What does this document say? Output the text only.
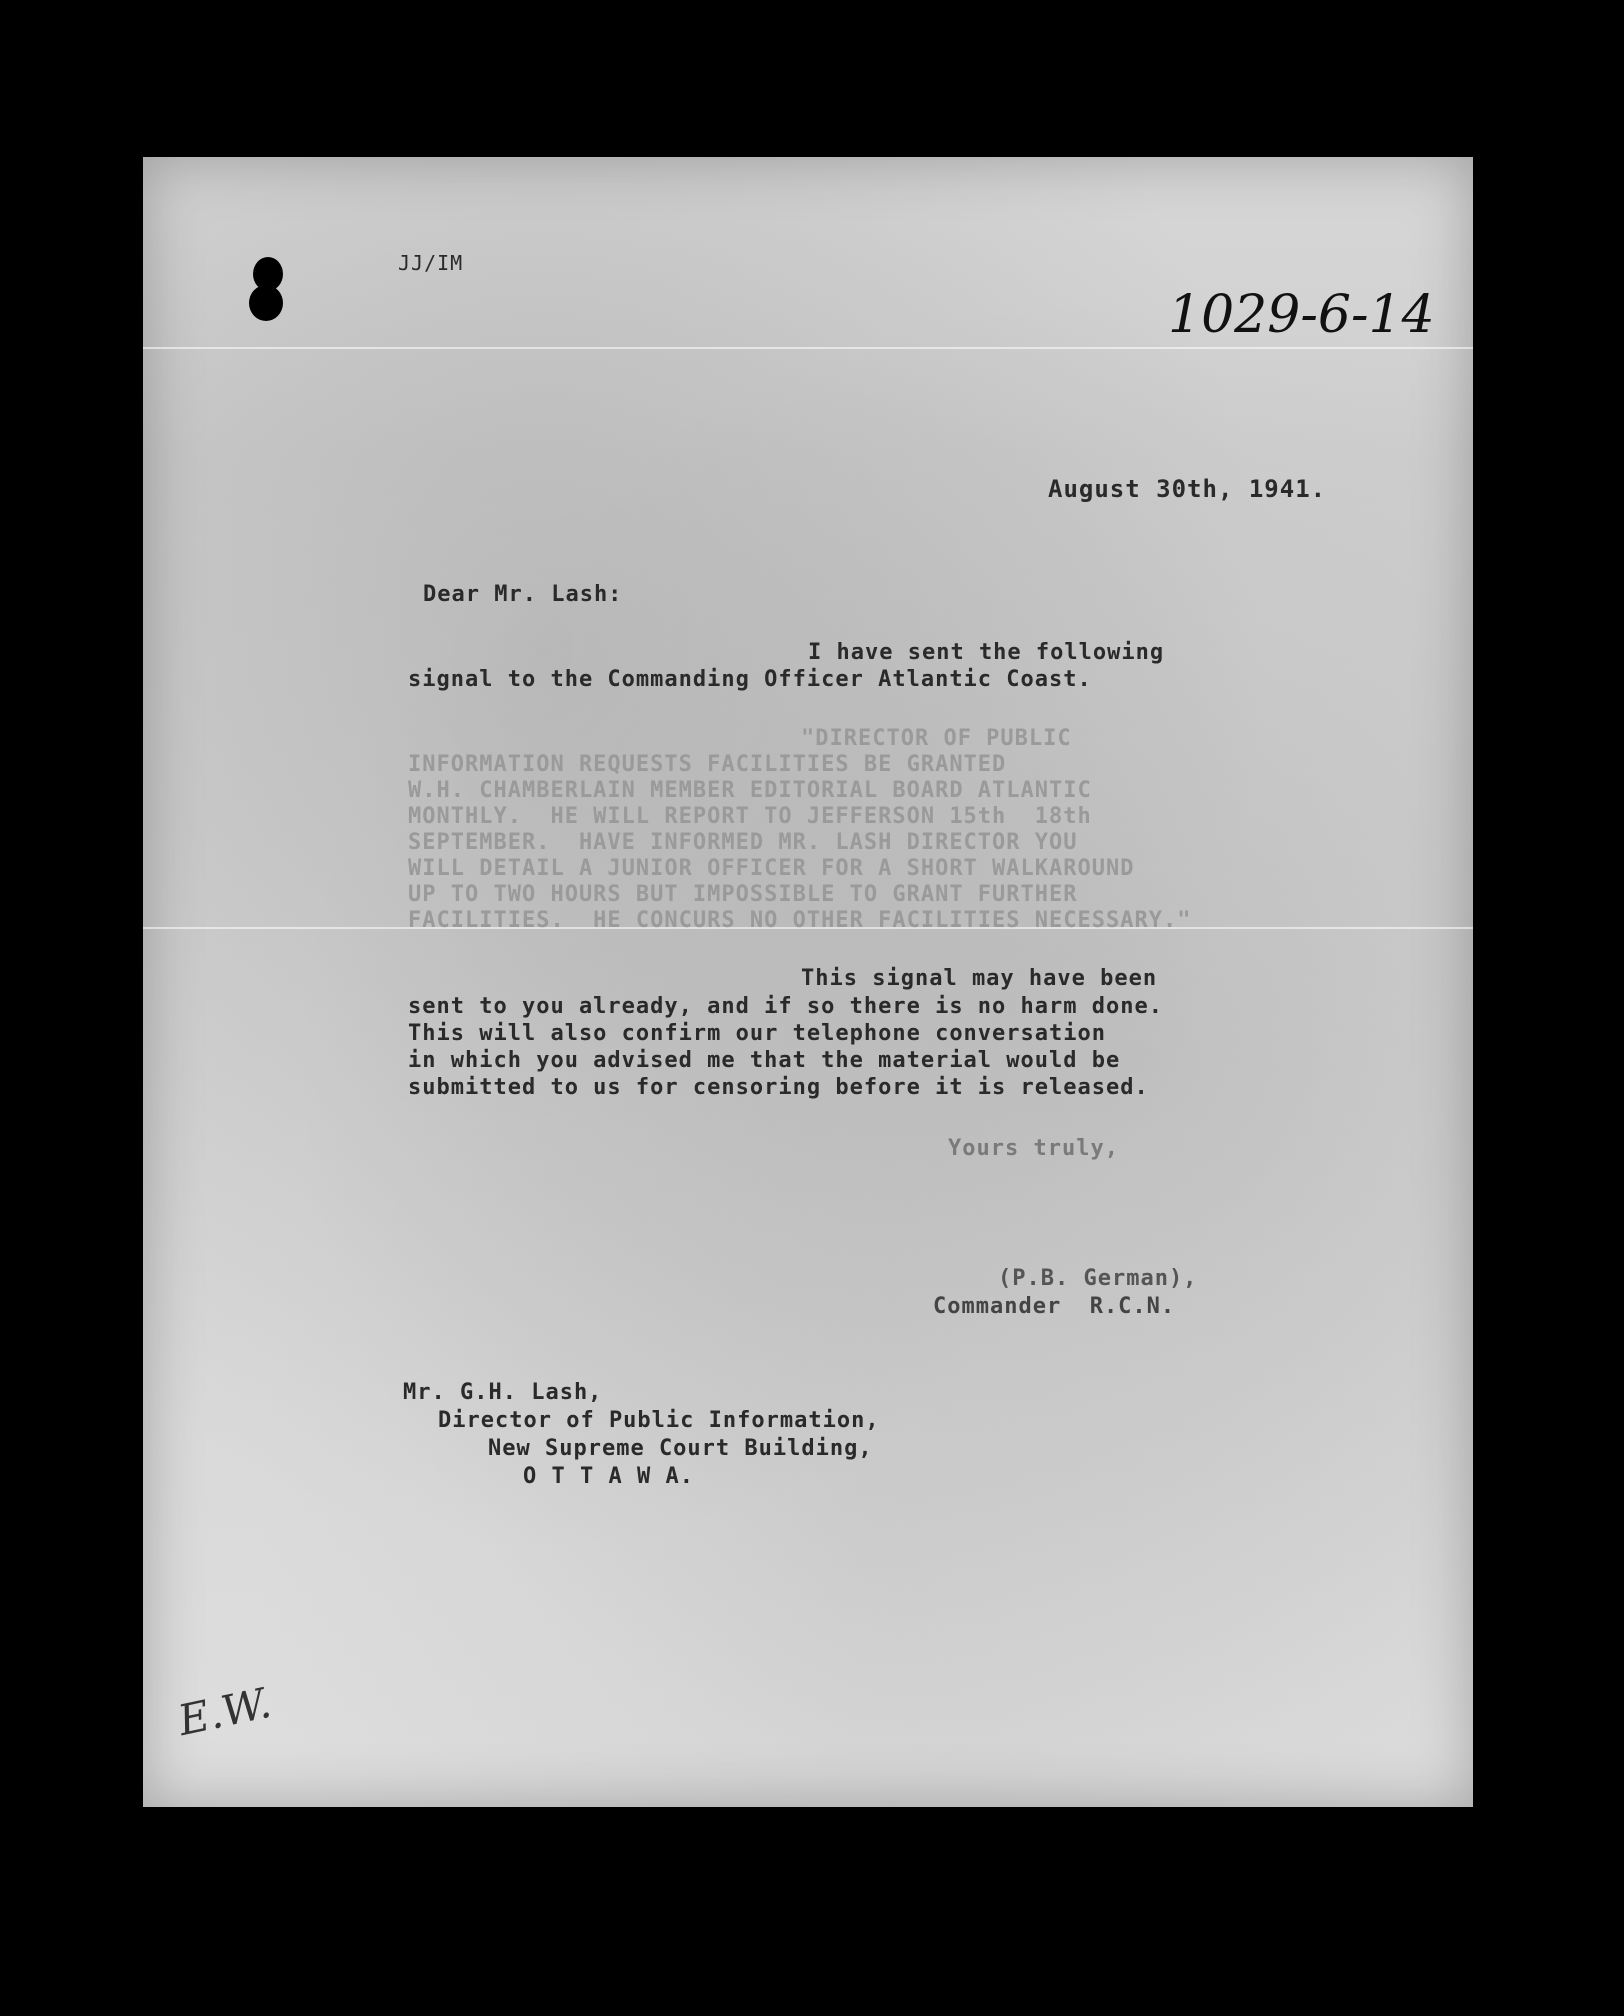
JJ/IM
1029-6-14
August 30th, 1941.
Dear Mr. Lash:
I have sent the following
signal to the Commanding Officer Atlantic Coast.
"DIRECTOR OF PUBLIC
INFORMATION REQUESTS FACILITIES BE GRANTED
W.H. CHAMBERLAIN MEMBER EDITORIAL BOARD ATLANTIC
MONTHLY.  HE WILL REPORT TO JEFFERSON 15th  18th
SEPTEMBER.  HAVE INFORMED MR. LASH DIRECTOR YOU
WILL DETAIL A JUNIOR OFFICER FOR A SHORT WALKAROUND
UP TO TWO HOURS BUT IMPOSSIBLE TO GRANT FURTHER
FACILITIES.  HE CONCURS NO OTHER FACILITIES NECESSARY."
This signal may have been
sent to you already, and if so there is no harm done.
This will also confirm our telephone conversation
in which you advised me that the material would be
submitted to us for censoring before it is released.
Yours truly,
(P.B. German),
Commander  R.C.N.
Mr. G.H. Lash,
Director of Public Information,
New Supreme Court Building,
O T T A W A.
E.W.
